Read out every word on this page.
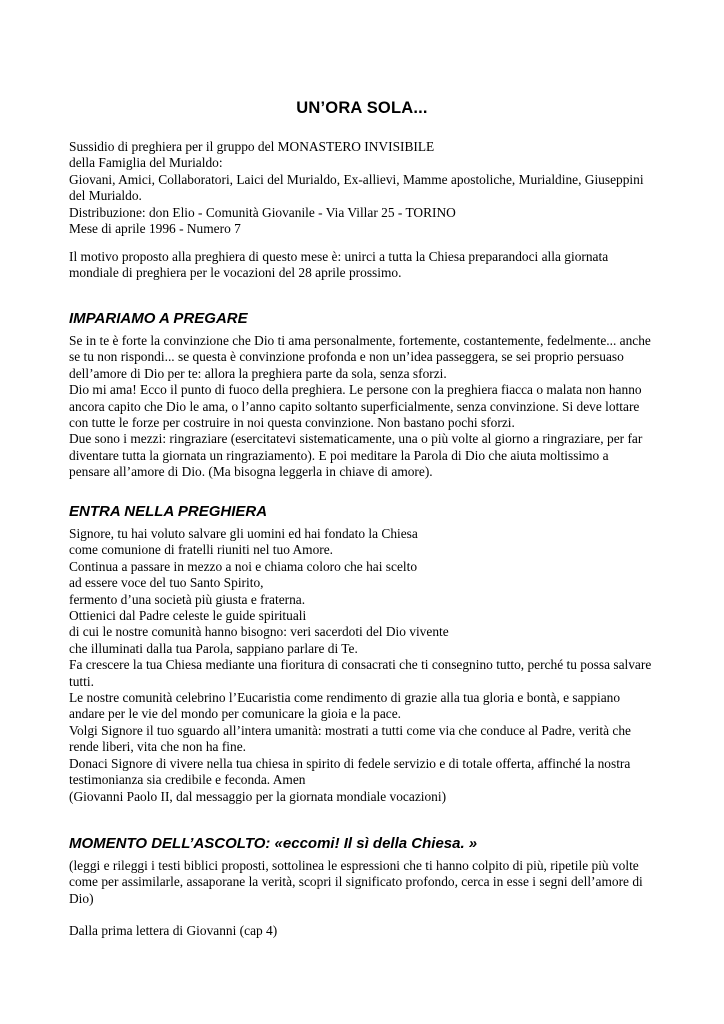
UN’ORA SOLA...
Sussidio di preghiera per il gruppo del MONASTERO INVISIBILE
della Famiglia del Murialdo:
Giovani, Amici, Collaboratori, Laici del Murialdo, Ex-allievi, Mamme apostoliche, Murialdine, Giuseppini
del Murialdo.
Distribuzione: don Elio - Comunità Giovanile - Via Villar 25 - TORINO
Mese di aprile 1996 - Numero 7
Il motivo proposto alla preghiera di questo mese è: unirci a tutta la Chiesa preparandoci alla giornata
mondiale di preghiera per le vocazioni del 28 aprile prossimo.
IMPARIAMO A PREGARE
Se in te è forte la convinzione che Dio ti ama personalmente, fortemente, costantemente, fedelmente... anche
se tu non rispondi... se questa è convinzione profonda e non un’idea passeggera, se sei proprio persuaso
dell’amore di Dio per te: allora la preghiera parte da sola, senza sforzi.
Dio mi ama! Ecco il punto di fuoco della preghiera. Le persone con la preghiera fiacca o malata non hanno
ancora capito che Dio le ama, o l’anno capito soltanto superficialmente, senza convinzione. Si deve lottare
con tutte le forze per costruire in noi questa convinzione. Non bastano pochi sforzi.
Due sono i mezzi: ringraziare (esercitatevi sistematicamente, una o più volte al giorno a ringraziare, per far
diventare tutta la giornata un ringraziamento). E poi meditare la Parola di Dio che aiuta moltissimo a
pensare all’amore di Dio. (Ma bisogna leggerla in chiave di amore).
ENTRA NELLA PREGHIERA
Signore, tu hai voluto salvare gli uomini ed hai fondato la Chiesa
come comunione di fratelli riuniti nel tuo Amore.
Continua a passare in mezzo a noi e chiama coloro che hai scelto
ad essere voce del tuo Santo Spirito,
fermento d’una società più giusta e fraterna.
Ottienici dal Padre celeste le guide spirituali
di cui le nostre comunità hanno bisogno: veri sacerdoti del Dio vivente
che illuminati dalla tua Parola, sappiano parlare di Te.
Fa crescere la tua Chiesa mediante una fioritura di consacrati che ti consegnino tutto, perché tu possa salvare
tutti.
Le nostre comunità celebrino l’Eucaristia come rendimento di grazie alla tua gloria e bontà, e sappiano
andare per le vie del mondo per comunicare la gioia e la pace.
Volgi Signore il tuo sguardo all’intera umanità: mostrati a tutti come via che conduce al Padre, verità che
rende liberi, vita che non ha fine.
Donaci Signore di vivere nella tua chiesa in spirito di fedele servizio e di totale offerta, affinché la nostra
testimonianza sia credibile e feconda. Amen
(Giovanni Paolo II, dal messaggio per la giornata mondiale vocazioni)
MOMENTO DELL’ASCOLTO: «eccomi! Il sì della Chiesa. »
(leggi e rileggi i testi biblici proposti, sottolinea le espressioni che ti hanno colpito di più, ripetile più volte
come per assimilarle, assaporane la verità, scopri il significato profondo, cerca in esse i segni dell’amore di
Dio)
Dalla prima lettera di Giovanni (cap 4)
